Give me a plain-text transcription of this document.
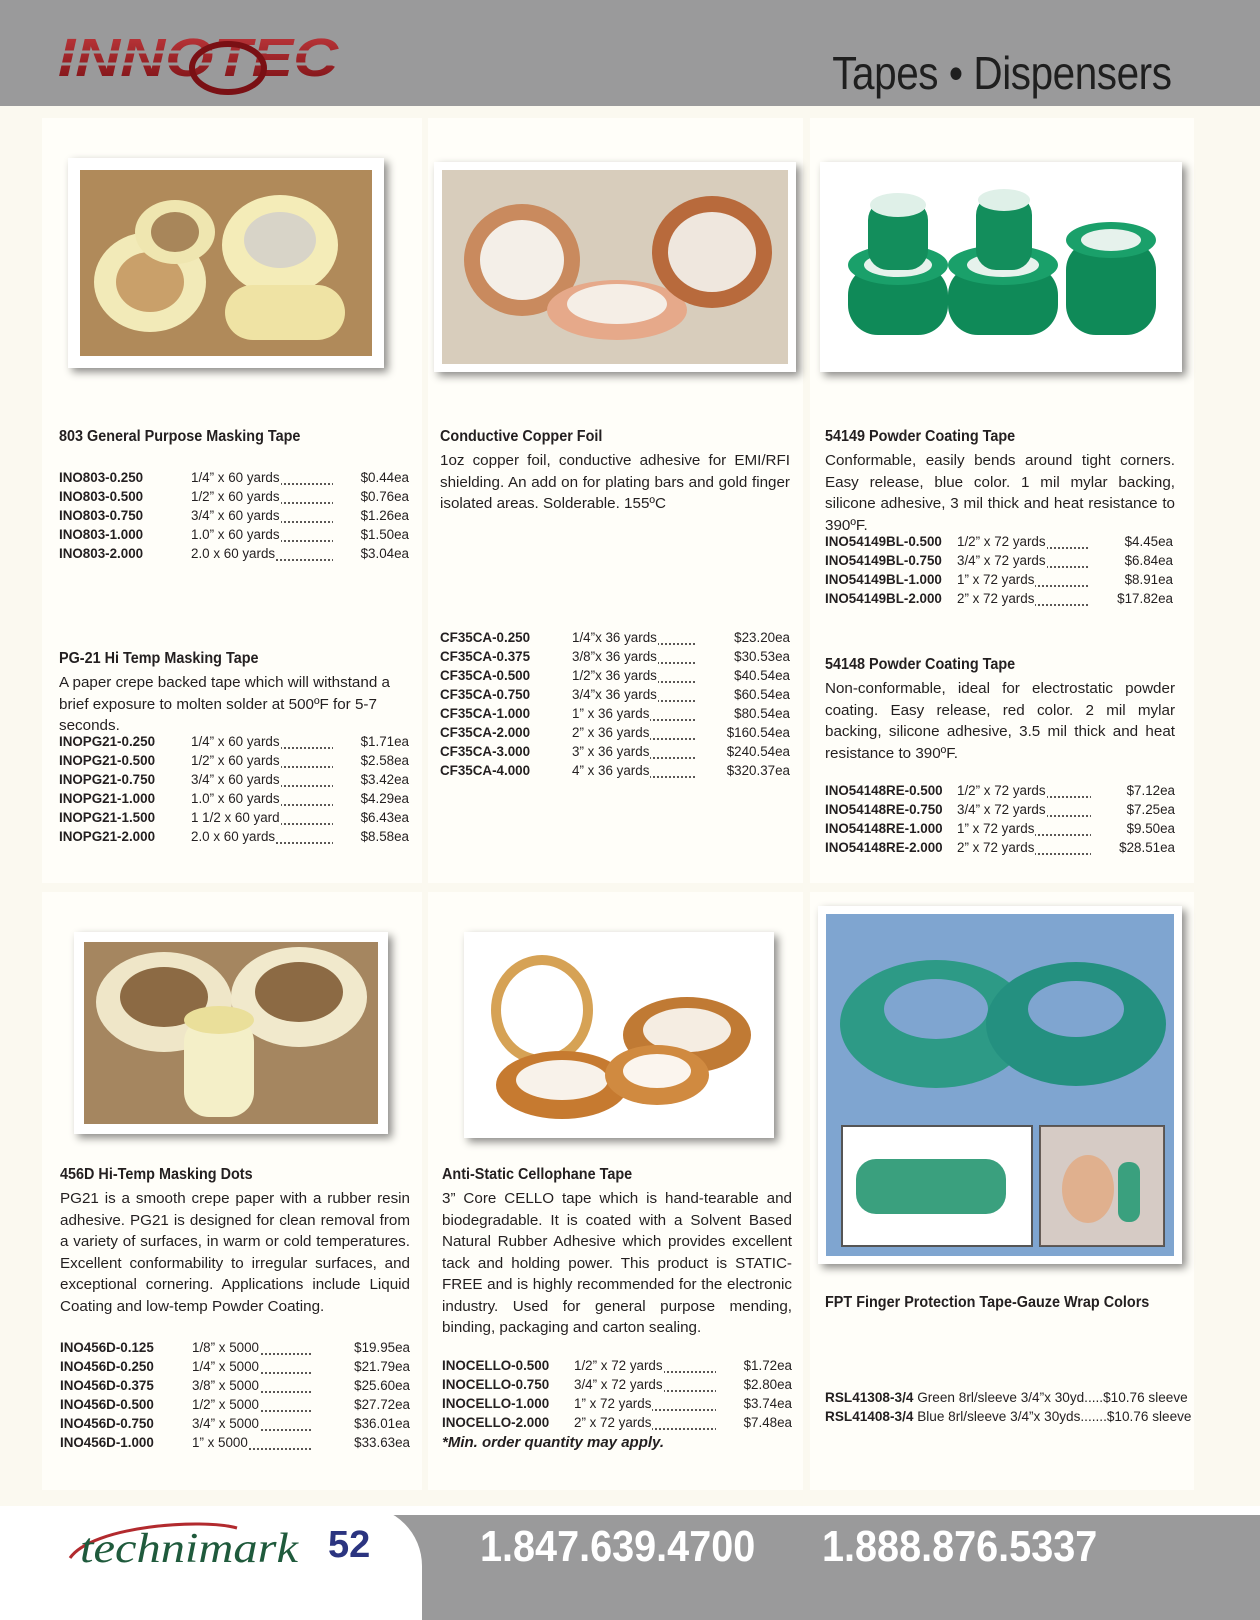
INNOTEC	Tapes • Dispensers
803 General Purpose Masking Tape
INO803-0.250	1/4” x 60 yards	$0.44ea
INO803-0.500	1/2” x 60 yards	$0.76ea
INO803-0.750	3/4” x 60 yards	$1.26ea
INO803-1.000	1.0” x 60 yards	$1.50ea
INO803-2.000	2.0 x 60 yards	$3.04ea
PG-21 Hi Temp Masking Tape
A paper crepe backed tape which will withstand a brief exposure to molten solder at 500ºF for 5-7 seconds.
INOPG21-0.250	1/4” x 60 yards	$1.71ea
INOPG21-0.500	1/2” x 60 yards	$2.58ea
INOPG21-0.750	3/4” x 60 yards	$3.42ea
INOPG21-1.000	1.0” x 60 yards	$4.29ea
INOPG21-1.500	1 1/2 x 60 yard	$6.43ea
INOPG21-2.000	2.0 x 60 yards	$8.58ea
Conductive Copper Foil
1oz copper foil, conductive adhesive for EMI/RFI shielding. An add on for plating bars and gold finger isolated areas. Solderable. 155ºC
CF35CA-0.250	1/4”x 36 yards	$23.20ea
CF35CA-0.375	3/8”x 36 yards	$30.53ea
CF35CA-0.500	1/2”x 36 yards	$40.54ea
CF35CA-0.750	3/4”x 36 yards	$60.54ea
CF35CA-1.000	1” x 36 yards	$80.54ea
CF35CA-2.000	2” x 36 yards	$160.54ea
CF35CA-3.000	3” x 36 yards	$240.54ea
CF35CA-4.000	4” x 36 yards	$320.37ea
54149 Powder Coating Tape
Conformable, easily bends around tight corners. Easy release, blue color. 1 mil mylar backing, silicone adhesive, 3 mil thick and heat resistance to 390ºF.
INO54149BL-0.500	1/2” x 72 yards	$4.45ea
INO54149BL-0.750	3/4” x 72 yards	$6.84ea
INO54149BL-1.000	1” x 72 yards	$8.91ea
INO54149BL-2.000	2” x 72 yards	$17.82ea
54148 Powder Coating Tape
Non-conformable, ideal for electrostatic powder coating. Easy release, red color. 2 mil mylar backing, silicone adhesive, 3.5 mil thick and heat resistance to 390ºF.
INO54148RE-0.500	1/2” x 72 yards	$7.12ea
INO54148RE-0.750	3/4” x 72 yards	$7.25ea
INO54148RE-1.000	1” x 72 yards	$9.50ea
INO54148RE-2.000	2” x 72 yards	$28.51ea
456D Hi-Temp Masking Dots
PG21 is a smooth crepe paper with a rubber resin adhesive. PG21 is designed for clean removal from a variety of surfaces, in warm or cold temperatures. Excellent conformability to irregular surfaces, and exceptional cornering. Applications include Liquid Coating and low-temp Powder Coating.
INO456D-0.125	1/8” x 5000	$19.95ea
INO456D-0.250	1/4” x 5000	$21.79ea
INO456D-0.375	3/8” x 5000	$25.60ea
INO456D-0.500	1/2” x 5000	$27.72ea
INO456D-0.750	3/4” x 5000	$36.01ea
INO456D-1.000	1” x 5000	$33.63ea
Anti-Static Cellophane Tape
3” Core CELLO tape which is hand-tearable and biodegradable. It is coated with a Solvent Based Natural Rubber Adhesive which provides excellent tack and holding power. This product is STATIC-FREE and is highly recommended for the electronic industry. Used for general purpose mending, binding, packaging and carton sealing.
INOCELLO-0.500	1/2” x 72 yards	$1.72ea
INOCELLO-0.750	3/4” x 72 yards	$2.80ea
INOCELLO-1.000	1” x 72 yards	$3.74ea
INOCELLO-2.000	2” x 72 yards	$7.48ea
*Min. order quantity may apply.
FPT Finger Protection Tape-Gauze Wrap Colors
RSL41308-3/4 Green 8rl/sleeve 3/4”x 30yd.....$10.76 sleeve
RSL41408-3/4 Blue 8rl/sleeve 3/4”x 30yds.......$10.76 sleeve
technimark 52 1.847.639.4700 1.888.876.5337
